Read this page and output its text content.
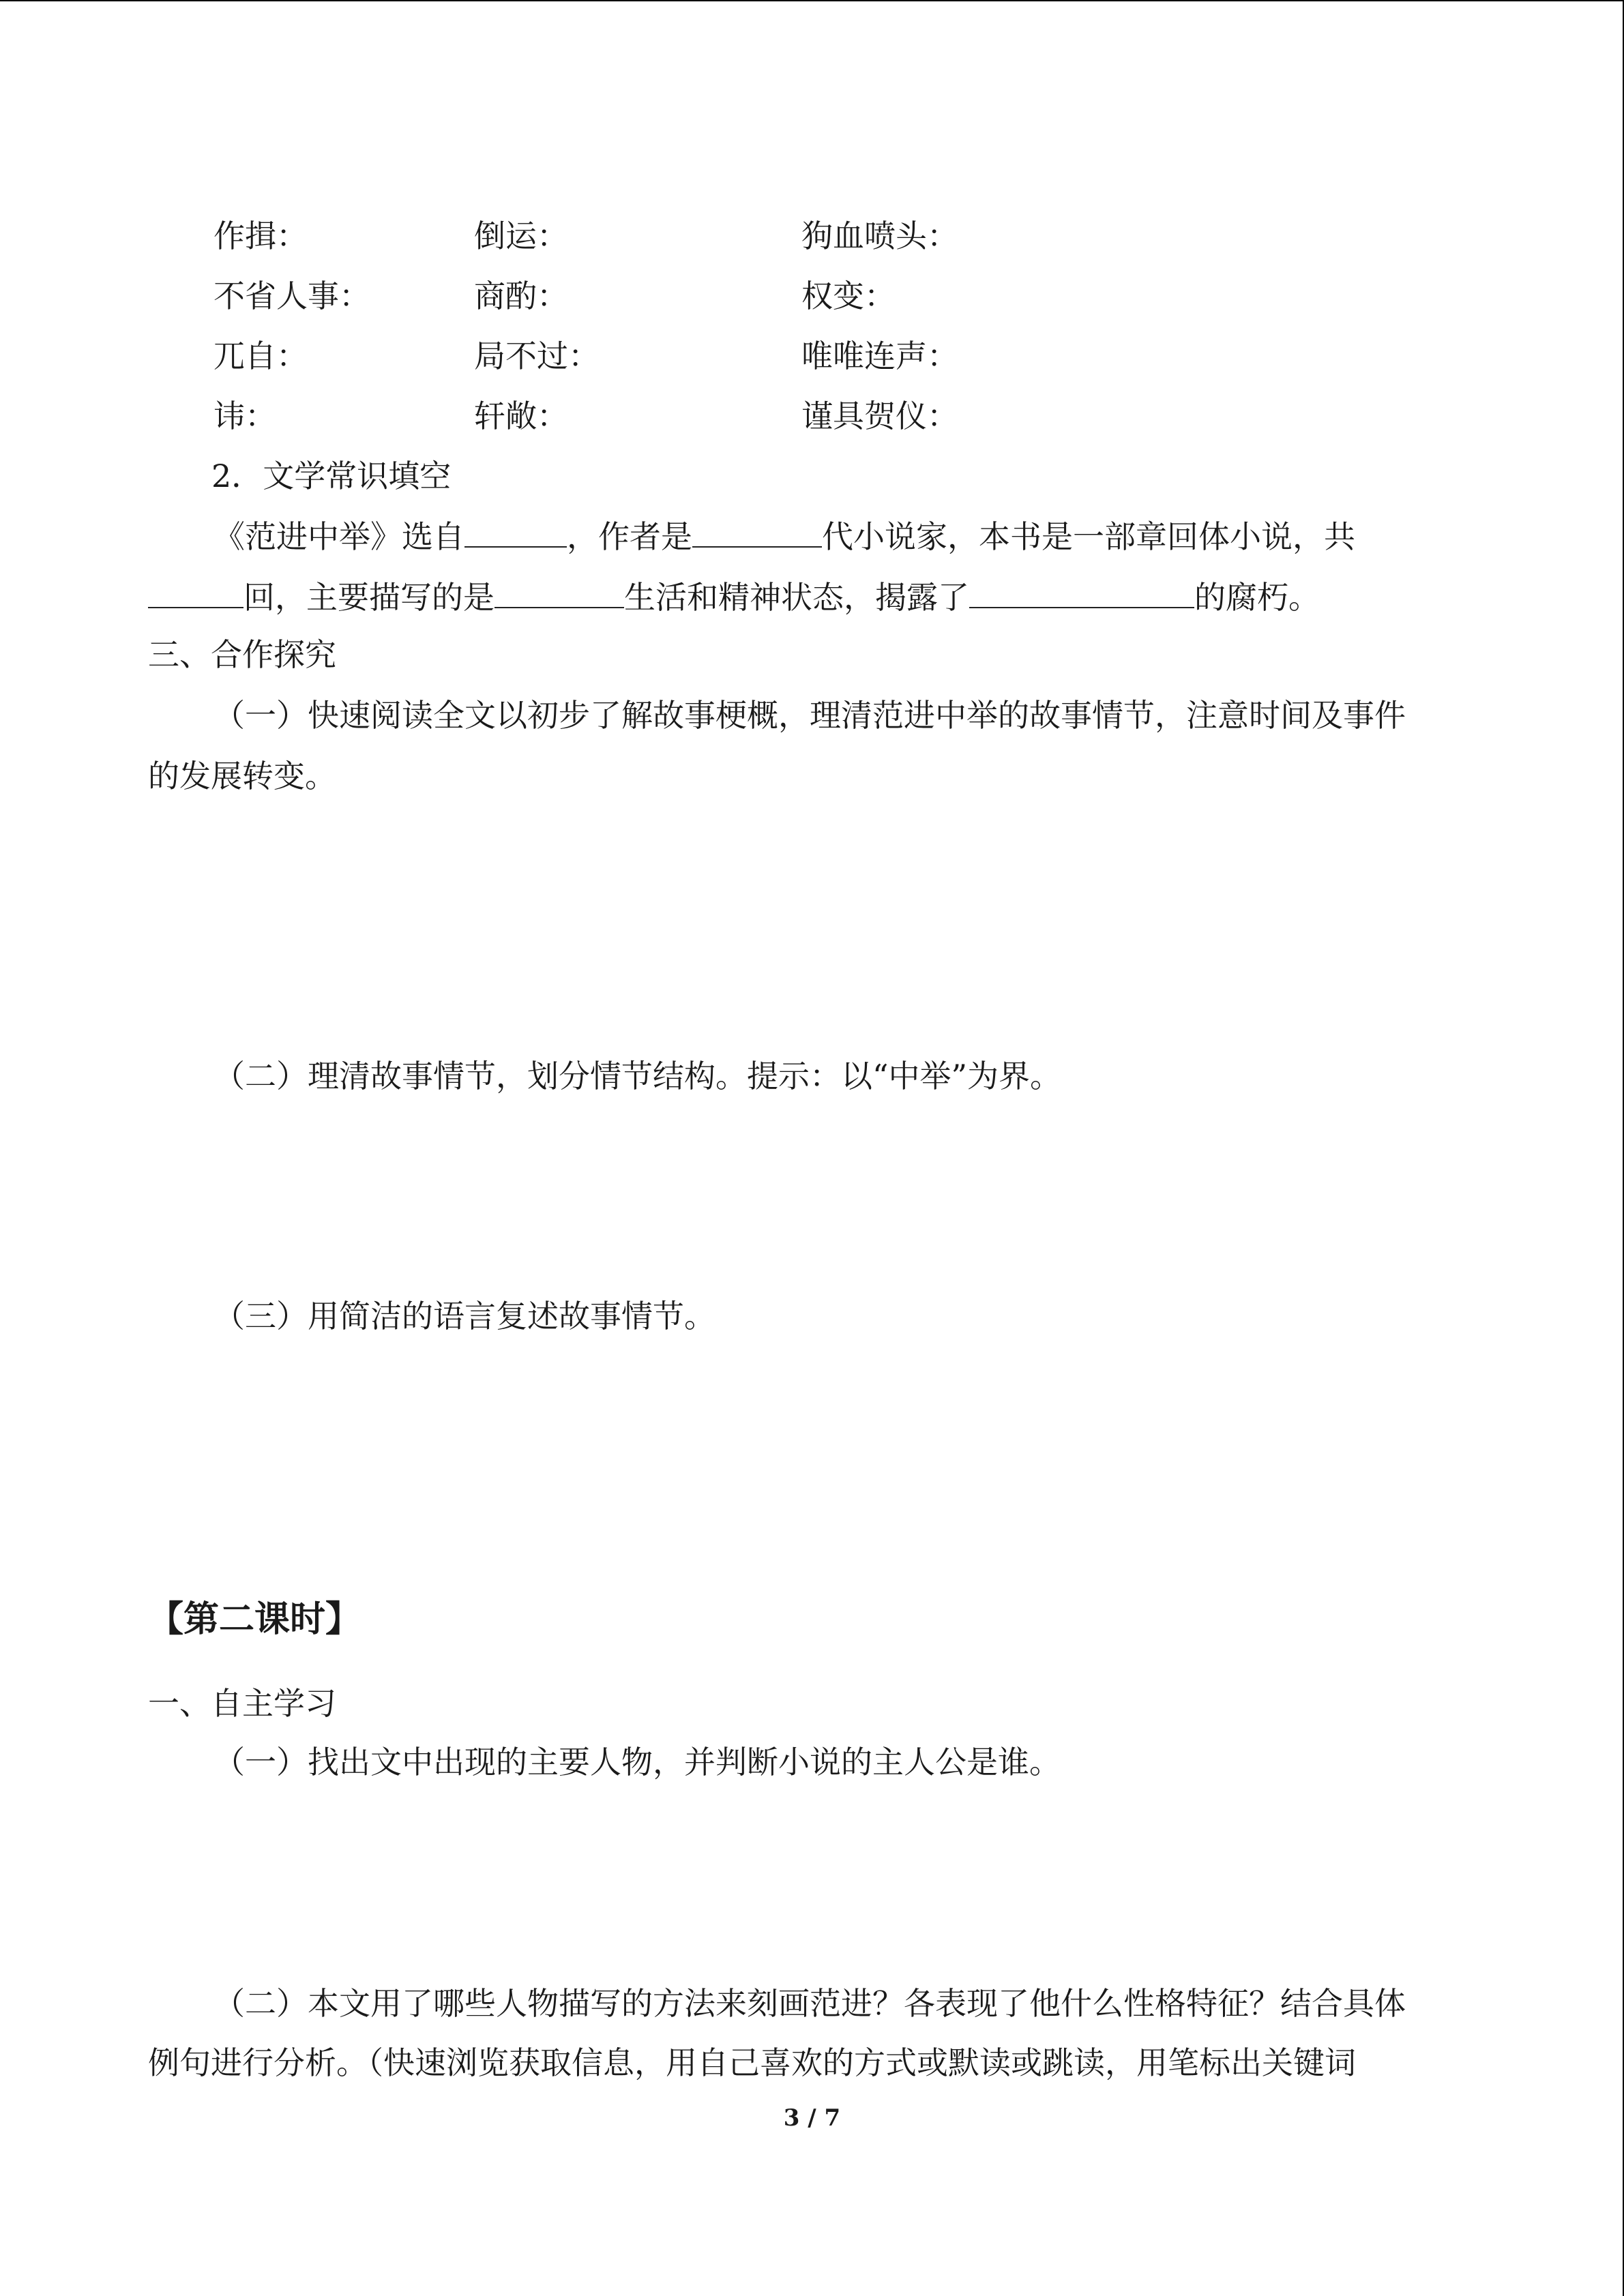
作揖：	倒运：	狗血喷头：
不省人事：	商酌：	权变：
兀自：	局不过：	唯唯连声：
讳：	轩敞：	谨具贺仪：
2．文学常识填空
《范进中举》选自	，作者是	代小说家，本书是一部章回体小说，共
回，主要描写的是	生活和精神状态，揭露了	的腐朽。
三、合作探究
（一）快速阅读全文以初步了解故事梗概，理清范进中举的故事情节，注意时间及事件
的发展转变。
（二）理清故事情节，划分情节结构。提示：以“中举”为界。
（三）用简洁的语言复述故事情节。
【第二课时】
一、自主学习
（一）找出文中出现的主要人物，并判断小说的主人公是谁。
（二）本文用了哪些人物描写的方法来刻画范进？各表现了他什么性格特征？结合具体
例句进行分析。（快速浏览获取信息，用自己喜欢的方式或默读或跳读，用笔标出关键词
3 / 7
